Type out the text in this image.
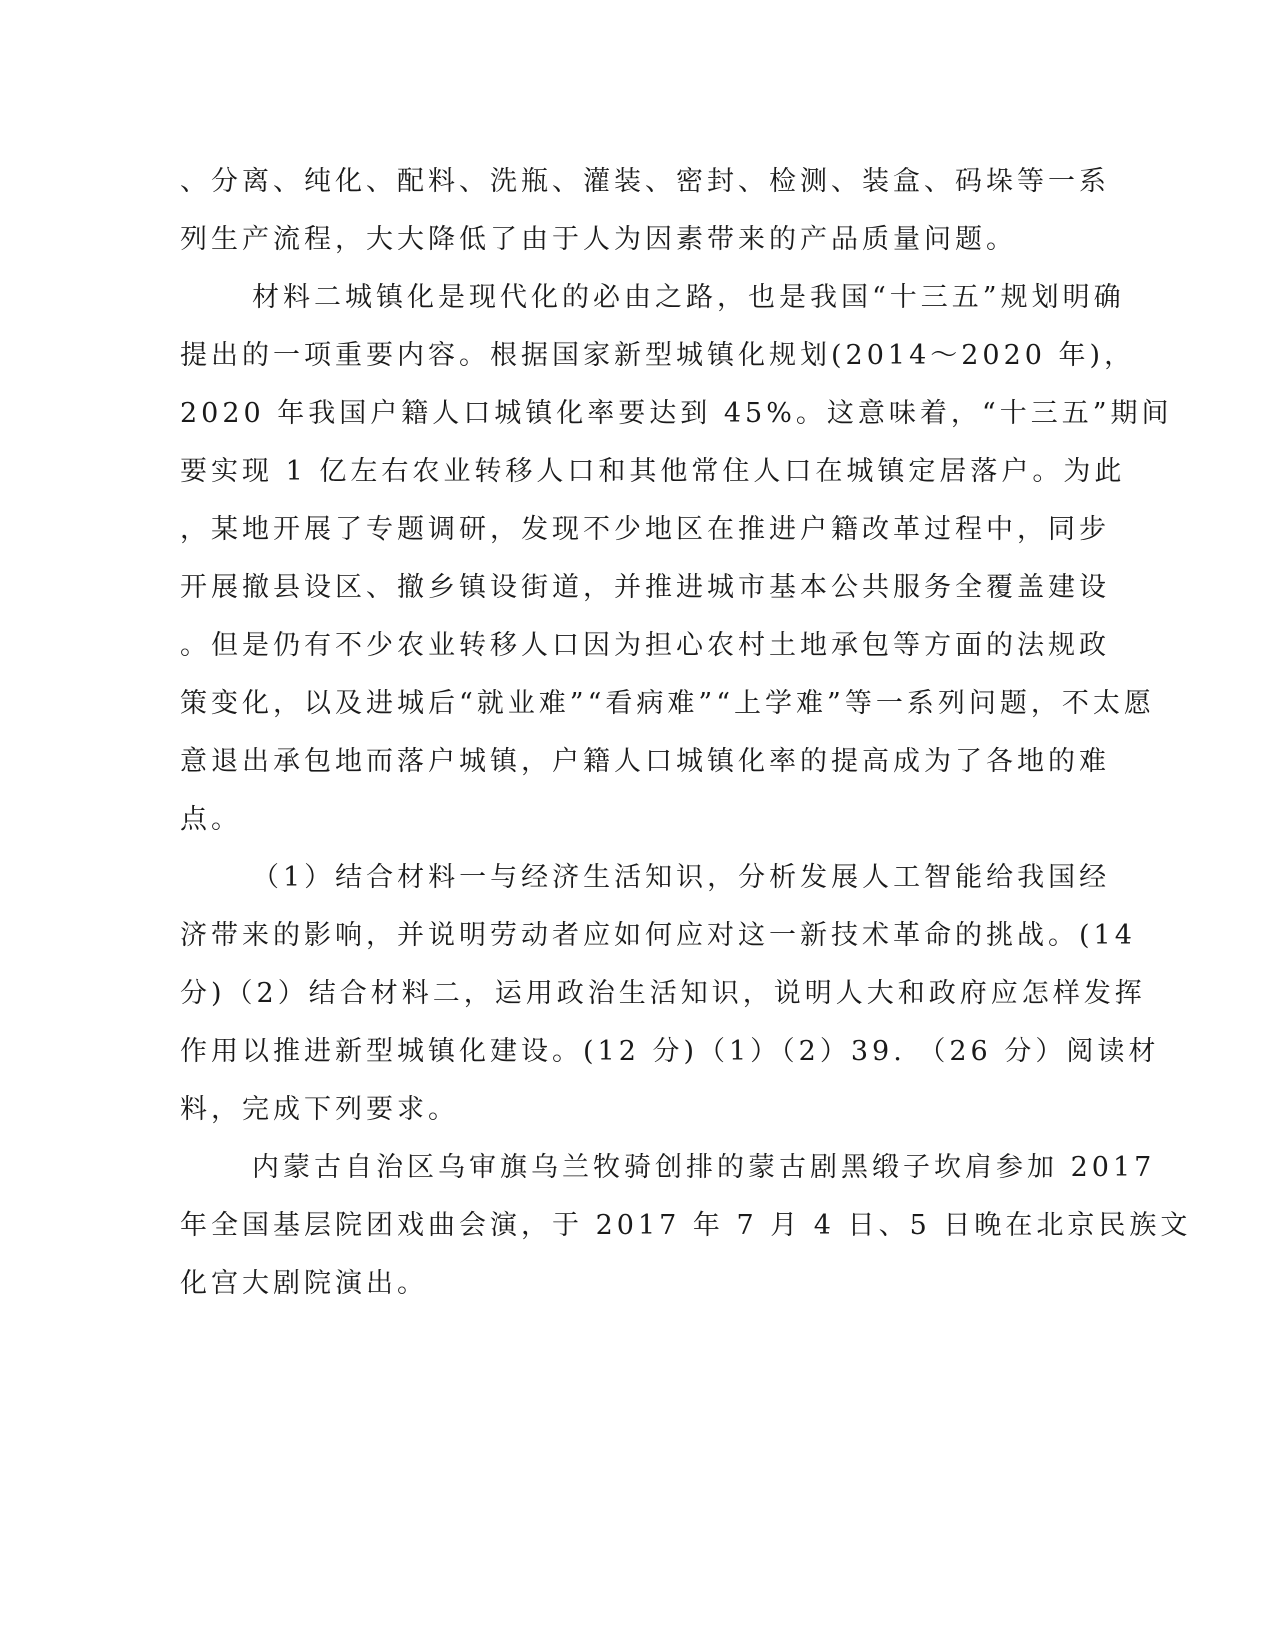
、分离、纯化、配料、洗瓶、灌装、密封、检测、装盒、码垛等一系
列生产流程，大大降低了由于人为因素带来的产品质量问题。
材料二城镇化是现代化的必由之路，也是我国“十三五”规划明确
提出的一项重要内容。根据国家新型城镇化规划(2014～2020 年)，
2020 年我国户籍人口城镇化率要达到 45%。这意味着，“十三五”期间
要实现 1 亿左右农业转移人口和其他常住人口在城镇定居落户。为此
，某地开展了专题调研，发现不少地区在推进户籍改革过程中，同步
开展撤县设区、撤乡镇设街道，并推进城市基本公共服务全覆盖建设
。但是仍有不少农业转移人口因为担心农村土地承包等方面的法规政
策变化，以及进城后“就业难”“看病难”“上学难”等一系列问题，不太愿
意退出承包地而落户城镇，户籍人口城镇化率的提高成为了各地的难
点。
（1）结合材料一与经济生活知识，分析发展人工智能给我国经
济带来的影响，并说明劳动者应如何应对这一新技术革命的挑战。(14
分)（2）结合材料二，运用政治生活知识，说明人大和政府应怎样发挥
作用以推进新型城镇化建设。(12 分)（1）（2）39. （26 分）阅读材
料，完成下列要求。
内蒙古自治区乌审旗乌兰牧骑创排的蒙古剧黑缎子坎肩参加 2017
年全国基层院团戏曲会演，于 2017 年 7 月 4 日、5 日晚在北京民族文
化宫大剧院演出。
